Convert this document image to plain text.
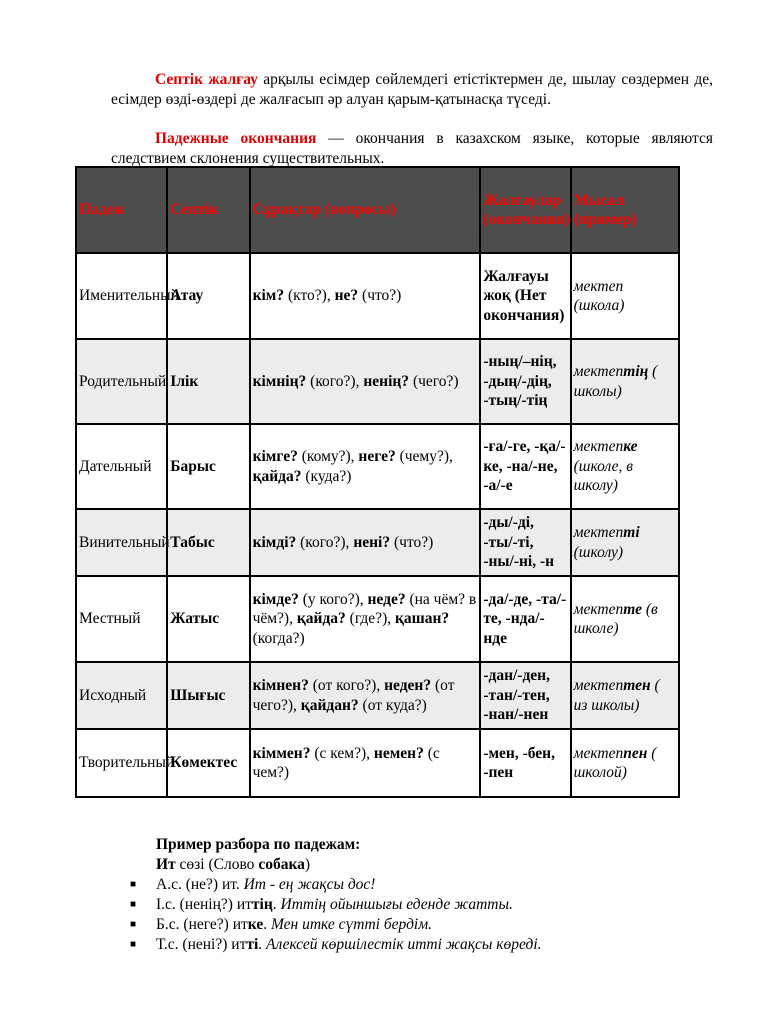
Септік жалғау арқылы есімдер сөйлемдегі етістіктермен де, шылау сөздермен де, есімдер өзді-өздері де жалғасып әр алуан қарым-қатынасқа түседі.
Падежные окончания — окончания в казахском языке, которые являются следствием склонения существительных.
Падеж	Септік	Сұрақтар (вопросы)	Жалғаулар (окончания)	Мысал (пример)
Именительный	Атау	кім? (кто?), не? (что?)	Жалғауы жоқ (Нет окончания)	мектеп (школа)
Родительный	Ілік	кімнің? (кого?), ненің? (чего?)	-ның/–нің, -дың/-дің, -тың/-тің	мектептің ( школы)
Дательный	Барыс	кімге? (кому?), неге? (чему?), қайда? (куда?)	-ға/-ге, -қа/-ке, -на/-не, -а/-е	мектепке (школе, в школу)
Винительный	Табыс	кімді? (кого?), нені? (что?)	-ды/-ді, -ты/-ті, -ны/-ні, -н	мектепті (школу)
Местный	Жатыс	кімде? (у кого?), неде? (на чём? в чём?), қайда? (где?), қашан? (когда?)	-да/-де, -та/-те, -нда/-нде	мектепте (в школе)
Исходный	Шығыс	кімнен? (от кого?), неден? (от чего?), қайдан? (от куда?)	-дан/-ден, -тан/-тен, -нан/-нен	мектептен ( из школы)
Творительный	Көмектес	кіммен? (с кем?), немен? (с чем?)	-мен, -бен, -пен	мектеппен ( школой)
Пример разбора по падежам:
Ит сөзі (Слово собака)
■ А.с. (не?) ит. Ит - ең жақсы дос!
■ І.с. (ненің?) иттің. Иттің ойыншығы еденде жатты.
■ Б.с. (неге?) итке. Мен итке сүтті бердім.
■ Т.с. (нені?) итті. Алексей көршілестік итті жақсы көреді.
